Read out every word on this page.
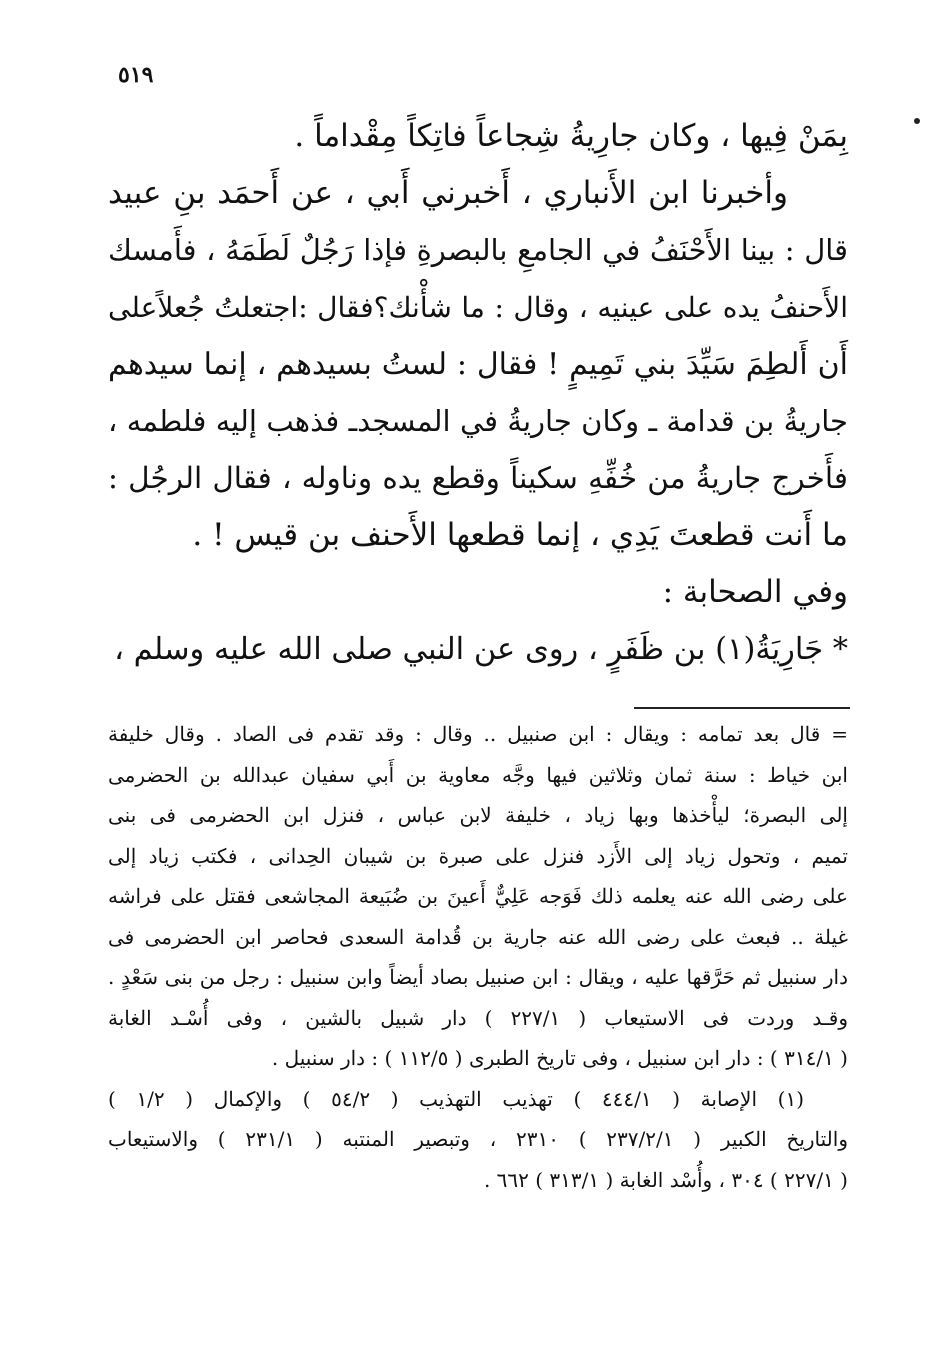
٥١٩
بِمَنْ فِيها ، وكان جارِيةُ شِجاعاً فاتِكاً مِقْداماً .
وأخبرنا ابن الأَنباري ، أَخبرني أَبي ، عن أَحمَد بنِ عبيد
قال : بينا الأَحْنَفُ في الجامعِ بالبصرةِ فإذا رَجُلٌ لَطَمَهُ ، فأَمسك
الأَحنفُ يده على عينيه ، وقال : ما شأْنك؟فقال :اجتعلتُ جُعلاًعلى
أَن أَلطِمَ سَيِّدَ بني تَمِيمٍ ! فقال : لستُ بسيدهم ، إنما سيدهم
جاريةُ بن قدامة ـ وكان جاريةُ في المسجدـ فذهب إليه فلطمه ،
فأَخرج جاريةُ من خُفِّهِ سكيناً وقطع يده وناوله ، فقال الرجُل :
ما أَنت قطعتَ يَدِي ، إنما قطعها الأَحنف بن قيس ! .
وفي الصحابة :
* جَارِيَةُ(١) بن ظَفَرٍ ، روى عن النبي صلى الله عليه وسلم ،
= قال بعد تمامه : ويقال : ابن صنبيل .. وقال : وقد تقدم فى الصاد . وقال خليفة
ابن خياط : سنة ثمان وثلاثين فيها وجَّه معاوية بن أَبي سفيان عبدالله بن الحضرمى
إلى البصرة؛ ليأْخذها وبها زياد ، خليفة لابن عباس ، فنزل ابن الحضرمى فى بنى
تميم ، وتحول زياد إلى الأَزد فنزل على صبرة بن شيبان الحِدانى ، فكتب زياد إلى
على رضى الله عنه يعلمه ذلك فَوَجه عَلِيٌّ أَعينَ بن ضُبَيعة المجاشعى فقتل على فراشه
غيلة .. فبعث على رضى الله عنه جارية بن قُدامة السعدى فحاصر ابن الحضرمى فى
دار سنبيل ثم حَرَّقها عليه ، ويقال : ابن صنبيل بصاد أيضاً وابن سنبيل : رجل من بنى سَعْدٍ .
وقـد وردت فى الاستيعاب ( ٢٢٧/١ ) دار شبيل بالشين ، وفى أُسْـد الغابة
( ٣١٤/١ ) : دار ابن سنبيل ، وفى تاريخ الطبرى ( ١١٢/٥ ) : دار سنبيل .
(١) الإصابة ( ٤٤٤/١ ) تهذيب التهذيب ( ٥٤/٢ ) والإكمال ( ١/٢ )
والتاريخ الكبير ( ٢٣٧/٢/١ ) ٢٣١٠ ، وتبصير المنتبه ( ٢٣١/١ ) والاستيعاب
( ٢٢٧/١ ) ٣٠٤ ، وأُسْد الغابة ( ٣١٣/١ ) ٦٦٢ .
